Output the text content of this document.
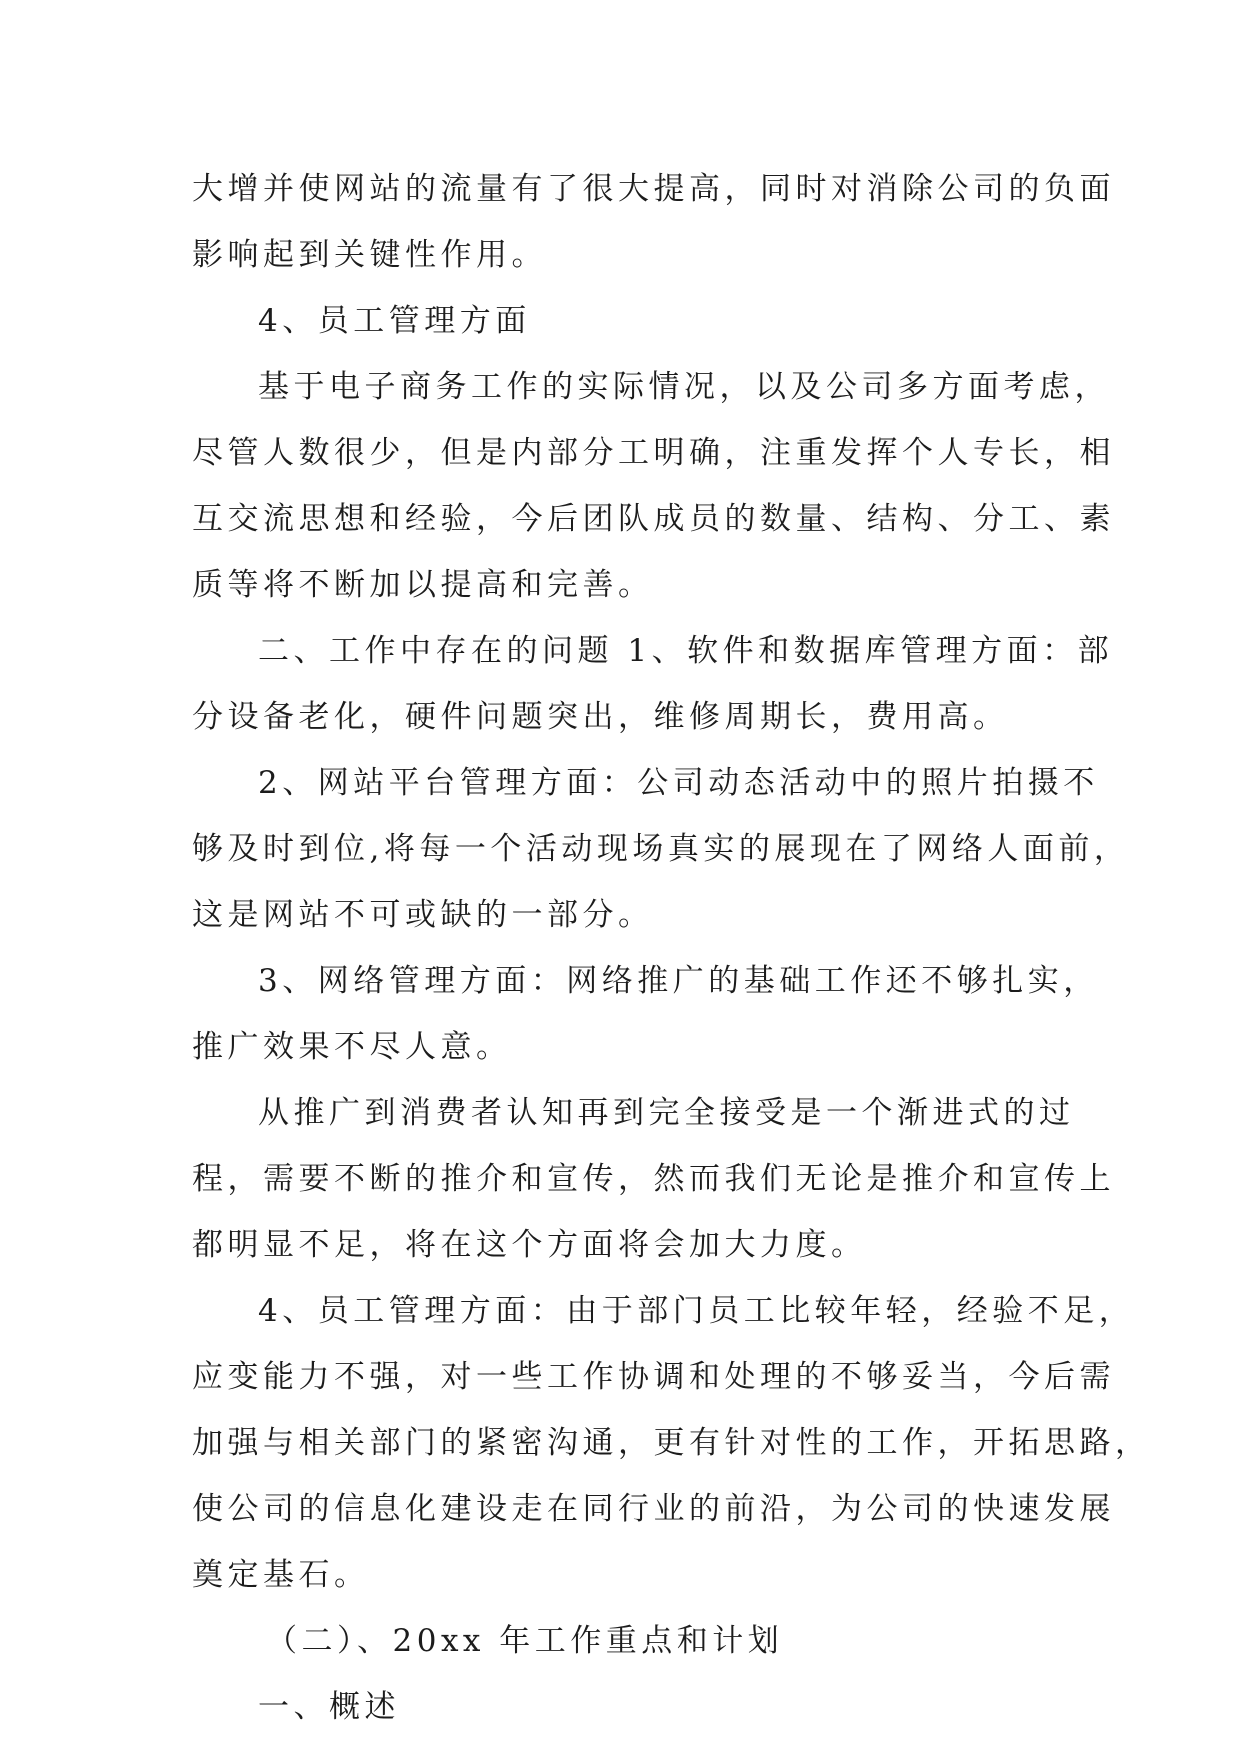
大增并使网站的流量有了很大提高，同时对消除公司的负面
影响起到关键性作用。

4、员工管理方面

基于电子商务工作的实际情况，以及公司多方面考虑，
尽管人数很少，但是内部分工明确，注重发挥个人专长，相
互交流思想和经验，今后团队成员的数量、结构、分工、素
质等将不断加以提高和完善。

二、工作中存在的问题 1、软件和数据库管理方面：部
分设备老化，硬件问题突出，维修周期长，费用高。

2、网站平台管理方面：公司动态活动中的照片拍摄不
够及时到位,将每一个活动现场真实的展现在了网络人面前，
这是网站不可或缺的一部分。

3、网络管理方面：网络推广的基础工作还不够扎实，
推广效果不尽人意。

从推广到消费者认知再到完全接受是一个渐进式的过
程，需要不断的推介和宣传，然而我们无论是推介和宣传上
都明显不足，将在这个方面将会加大力度。

4、员工管理方面：由于部门员工比较年轻，经验不足，
应变能力不强，对一些工作协调和处理的不够妥当，今后需
加强与相关部门的紧密沟通，更有针对性的工作，开拓思路，
使公司的信息化建设走在同行业的前沿，为公司的快速发展
奠定基石。

（二）、20xx 年工作重点和计划

一、概述
